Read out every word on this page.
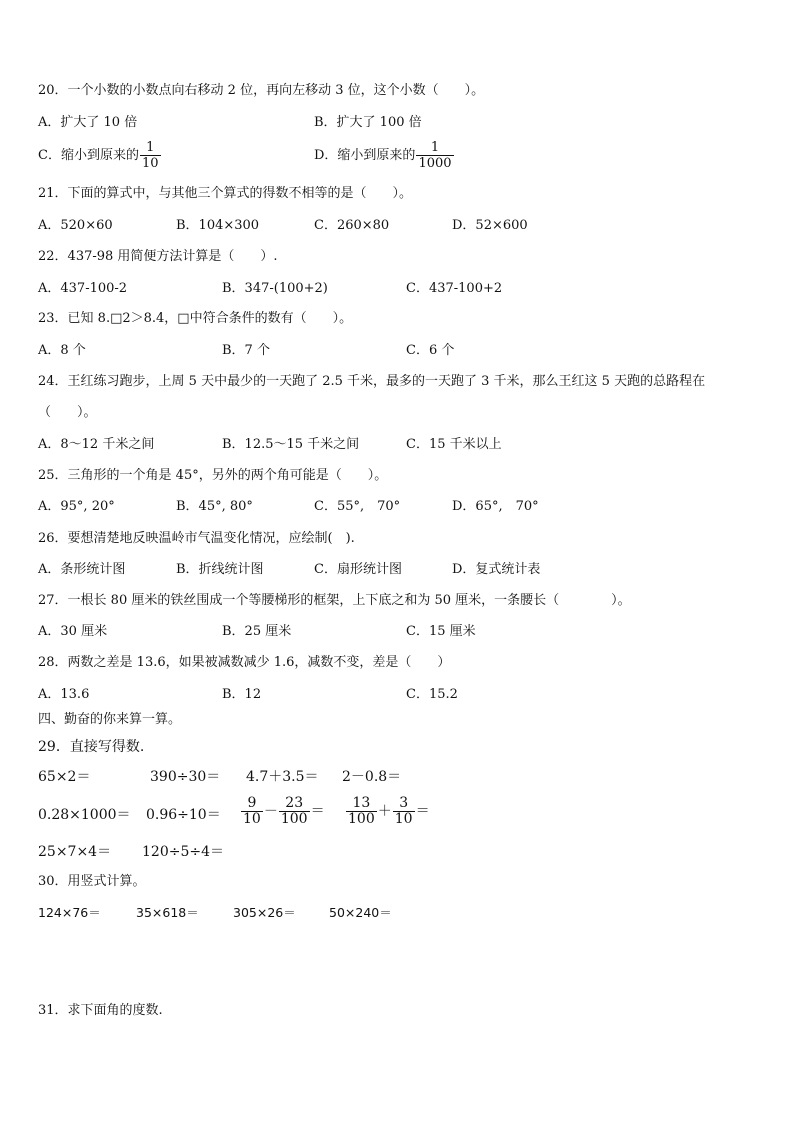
20．一个小数的小数点向右移动 2 位，再向左移动 3 位，这个小数（　　）。
A．扩大了 10 倍	B．扩大了 100 倍
C．缩小到原来的 $\frac{1}{10}$	D．缩小到原来的 $\frac{1}{1000}$
21．下面的算式中，与其他三个算式的得数不相等的是（　　）。
A．520×60	B．104×300	C．260×80	D．52×600
22．437-98 用简便方法计算是（　　）.
A．437-100-2	B．347-(100+2)	C．437-100+2
23．已知 8.□2＞8.4，□中符合条件的数有（　　）。
A．8 个	B．7 个	C．6 个
24．王红练习跑步，上周 5 天中最少的一天跑了 2.5 千米，最多的一天跑了 3 千米，那么王红这 5 天跑的总路程在
（　　）。
A．8～12 千米之间	B．12.5～15 千米之间	C．15 千米以上
25．三角形的一个角是 45°，另外的两个角可能是（　　）。
A．95°, 20°	B．45°, 80°	C．55°,　70°	D．65°,　70°
26．要想清楚地反映温岭市气温变化情况，应绘制(　).
A．条形统计图	B．折线统计图	C．扇形统计图	D．复式统计表
27．一根长 80 厘米的铁丝围成一个等腰梯形的框架，上下底之和为 50 厘米，一条腰长（　　　　）。
A．30 厘米	B．25 厘米	C．15 厘米
28．两数之差是 13.6，如果被减数减少 1.6，减数不变，差是（　　）
A．13.6	B．12	C．15.2
四、勤奋的你来算一算。
29．直接写得数.
65×2＝	390÷30＝ 4.7＋3.5＝ 2－0.8＝
$0.28\times 1000= 0.96\div 10= \frac{9}{10} - \frac{23}{100} = \frac{13}{100} + \frac{3}{10}$ ＝
25×7×4＝ 120÷5÷4＝
30．用竖式计算。
124×76＝	35×618＝	305×26＝	50×240＝
31．求下面角的度数.
